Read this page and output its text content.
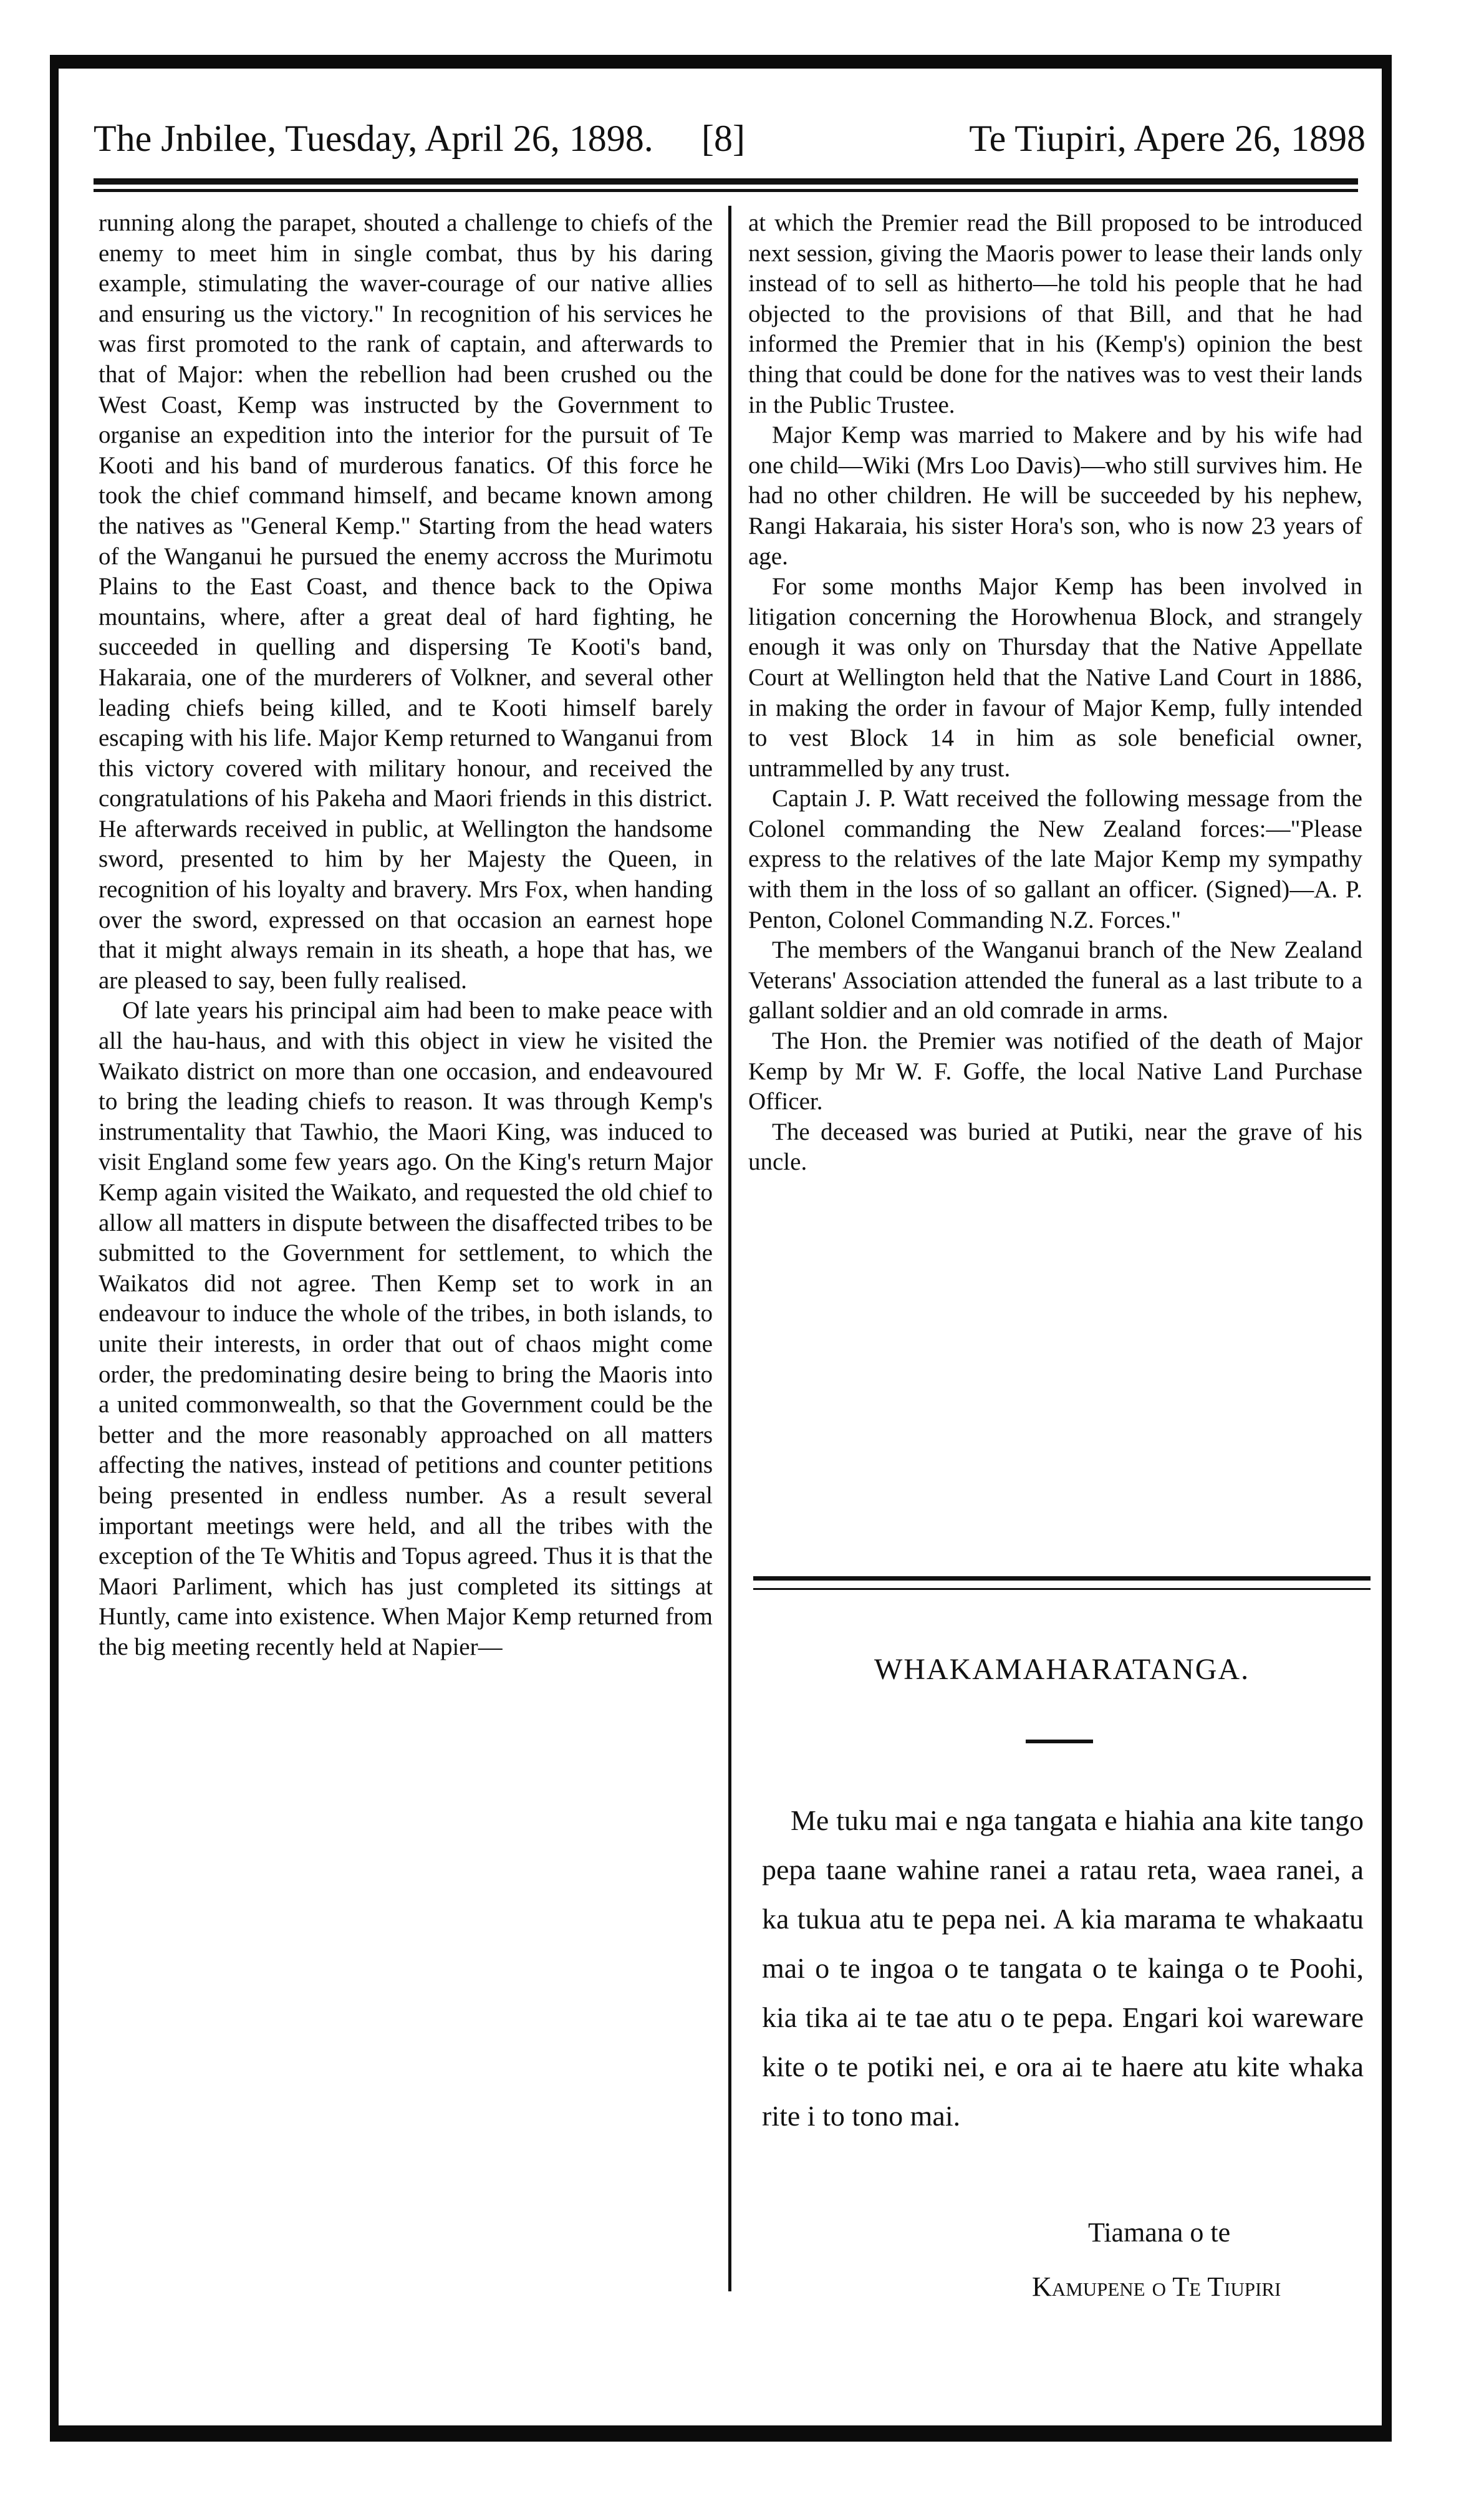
The Jnbilee, Tuesday, April 26, 1898. [8]	Te Tiupiri, Apere 26, 1898

running along the parapet, shouted a challenge to chiefs of the enemy to meet him in single combat, thus by his daring example, stimulating the waver-courage of our native allies and ensuring us the victory." In recognition of his services he was first promoted to the rank of captain, and afterwards to that of Major: when the rebellion had been crushed ou the West Coast, Kemp was instructed by the Government to organise an expedition into the interior for the pursuit of Te Kooti and his band of murderous fanatics. Of this force he took the chief command himself, and became known among the natives as "General Kemp." Starting from the head waters of the Wanganui he pursued the enemy accross the Murimotu Plains to the East Coast, and thence back to the Opiwa mountains, where, after a great deal of hard fighting, he succeeded in quelling and dispersing Te Kooti's band, Hakaraia, one of the murderers of Volkner, and several other leading chiefs being killed, and te Kooti himself barely escaping with his life. Major Kemp returned to Wanganui from this victory covered with military honour, and received the congratulations of his Pakeha and Maori friends in this district. He afterwards received in public, at Wellington the handsome sword, presented to him by her Majesty the Queen, in recognition of his loyalty and bravery. Mrs Fox, when handing over the sword, expressed on that occasion an earnest hope that it might always remain in its sheath, a hope that has, we are pleased to say, been fully realised.

Of late years his principal aim had been to make peace with all the hau-haus, and with this object in view he visited the Waikato district on more than one occasion, and endeavoured to bring the leading chiefs to reason. It was through Kemp's instrumentality that Tawhio, the Maori King, was induced to visit England some few years ago. On the King's return Major Kemp again visited the Waikato, and requested the old chief to allow all matters in dispute between the disaffected tribes to be submitted to the Government for settlement, to which the Waikatos did not agree. Then Kemp set to work in an endeavour to induce the whole of the tribes, in both islands, to unite their interests, in order that out of chaos might come order, the predominating desire being to bring the Maoris into a united commonwealth, so that the Government could be the better and the more reasonably approached on all matters affecting the natives, instead of petitions and counter petitions being presented in endless number. As a result several important meetings were held, and all the tribes with the exception of the Te Whitis and Topus agreed. Thus it is that the Maori Parliment, which has just completed its sittings at Huntly, came into existence. When Major Kemp returned from the big meeting recently held at Napier—

at which the Premier read the Bill proposed to be introduced next session, giving the Maoris power to lease their lands only instead of to sell as hitherto—he told his people that he had objected to the provisions of that Bill, and that he had informed the Premier that in his (Kemp's) opinion the best thing that could be done for the natives was to vest their lands in the Public Trustee.

Major Kemp was married to Makere and by his wife had one child—Wiki (Mrs Loo Davis)—who still survives him. He had no other children. He will be succeeded by his nephew, Rangi Hakaraia, his sister Hora's son, who is now 23 years of age.

For some months Major Kemp has been involved in litigation concerning the Horowhenua Block, and strangely enough it was only on Thursday that the Native Appellate Court at Wellington held that the Native Land Court in 1886, in making the order in favour of Major Kemp, fully intended to vest Block 14 in him as sole beneficial owner, untrammelled by any trust.

Captain J. P. Watt received the following message from the Colonel commanding the New Zealand forces:—"Please express to the relatives of the late Major Kemp my sympathy with them in the loss of so gallant an officer. (Signed)—A. P. Penton, Colonel Commanding N.Z. Forces."

The members of the Wanganui branch of the New Zealand Veterans' Association attended the funeral as a last tribute to a gallant soldier and an old comrade in arms.

The Hon. the Premier was notified of the death of Major Kemp by Mr W. F. Goffe, the local Native Land Purchase Officer.

The deceased was buried at Putiki, near the grave of his uncle.

WHAKAMAHARATANGA.

Me tuku mai e nga tangata e hiahia ana kite tango pepa taane wahine ranei a ratau reta, waea ranei, a ka tukua atu te pepa nei. A kia marama te whakaatu mai o te ingoa o te tangata o te kainga o te Poohi, kia tika ai te tae atu o te pepa. Engari koi wareware kite o te potiki nei, e ora ai te haere atu kite whaka rite i to tono mai.

Tiamana o te
Kamupene o Te Tiupiri
